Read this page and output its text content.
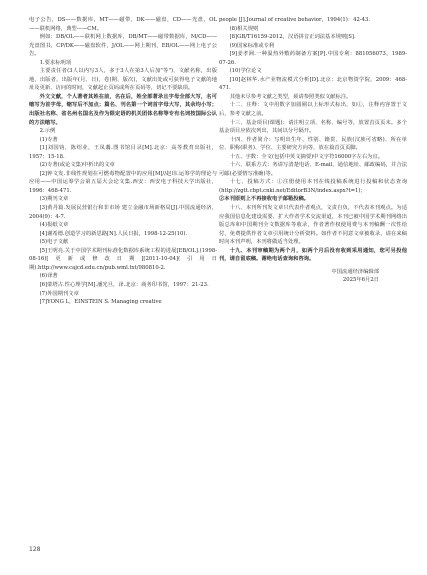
电子公告，DS——数据库，MT——磁带，DK——磁盘，CD——光盘，OL——联机网络，典型——CM。

例如：DB/OL——联机网上数据库，DB/MT——磁带数据库，M/CD——光盘图书，CP/DK——磁盘软件，J/OL——网上期刊，EB/OL——网上电子公告。

1.要求标明项

主要责任者(3人以内写3人，多于3人在第3人后加"等")，文献名称，出版地，出版者，出版年(月、日)，卷(期、版次)，文献出处或可获得电子文献的地址及更新、访问的时间，文献起止页码或所在页码等，切记不要缺项。

外文文献，个人著者其姓在前，名在后，姓全部著录且字母全部大写，名可缩写为首字母，缩写后不加点；篇名、刊名第一个词首字母大写，其余均小写；出版社名称、省名州名国名及作为限定语的机关团体名称等专有名词按国际公认的方法缩写。

2.示例

(1)专著

[1]刘国钧，陈绍业，王凤翥.图书馆目录[M].北京：高等教育出版社，1957：15-18.

(2)专著(或论文集)中析出的文章

[2]钟文发.非线性规划在可燃毒物配置中的应用[M]//赵玮.运筹学的理论与应用——中国运筹学会第五届大会论文集.西安：西安电子科技大学出版社，1996：468-471.

(3)期刊文章

[3]黄丹篇.发展民营银行和非市场 建立金融市场新格局[J].中国流通经济，2004(9)：4-7.

(4)报纸文章

[4]谢希德.创造学习的新思路[N].人民日报，1998-12-25(10).

(5)电子文献

[5]王明亮.关于中国学术期刊标准化数据库系统工程的进展[EB/OL].(1998-08-16)[更新或修改日期][2011-10-04](引用日期).http://www.cajcd.edu.cn/pub.wml.txt/980810-2.

(6)译著

[6]蒙塔古.性心理学[M].潘光旦，译.北京：商务印书馆，1997：21-23.

(7)外国期刊文章

[7]YONG L，EINSTEIN S. Managing creative

people [J].Journal of creative behavior，1994(1)：42-43.

(8)相关规则

[8]GB/T16159-2012，汉语拼音正词法基本规则[S].

(9)国家标准或专利

[9]姜孝洲.一种温热外敷药制备方案[P].中国专利：881056073，1989-07-26.

(10)学位论文

[10]赵林华.水产业物流模式分析[D].北京：北京物资学院，2009：468-471.

其他未尽参考文献之类型，须请参照类似文献标注。

十二、注释：文中用数字加圆圈以上标形式标出，如①，注释内容置于文后，参考文献之前。

十三、基金项目(课题)：请注明立项、名称、编号等，放置首页页末。多个基金项目应依次列出，其间以分号隔开。

十四、作者简介：写明出生年、性别、籍贯、民族(汉族可省略)、所在单位、职称(职务)、学位、主要研究方向等，放在篇首页页脚。

十五、字数：全文(包括中英文摘要)中文字符16000字左右为宜。

十六、联系方式：务请写清楚电话、E-mail、通信地址、邮政编码，并合法可邮(必要情写准确)等。

十七、投稿方式：①注册使用本刊在线投稿系统进行投稿和状态查询(http://zgtt.cbpt.cnki.net/EditorB3N/index.aspx?t=1)；

②本刊原则上不再接收电子邮箱投稿。

十八、本刊所刊发文章只代表作者观点，文责自负，不代表本刊观点。为适应我国信息化建设需要，扩大作者学术交流渠道，本刊已被中国学术期刊网络出版总库和中国期刊全文数据库等收录，作者著作权使用费与本刊稿酬一次性给付，免费提供作者文章引用统计分析资料。如作者不同意文章被收录，请在来稿时向本刊声明，本刊将做适当处理。

十九、本刊审稿期为两个月，如两个月后没有收到采用通知，您可另投他刊，请自留底稿。谢绝电话查询和咨询。

中国流通经济编辑部

2025年6月2日

128
